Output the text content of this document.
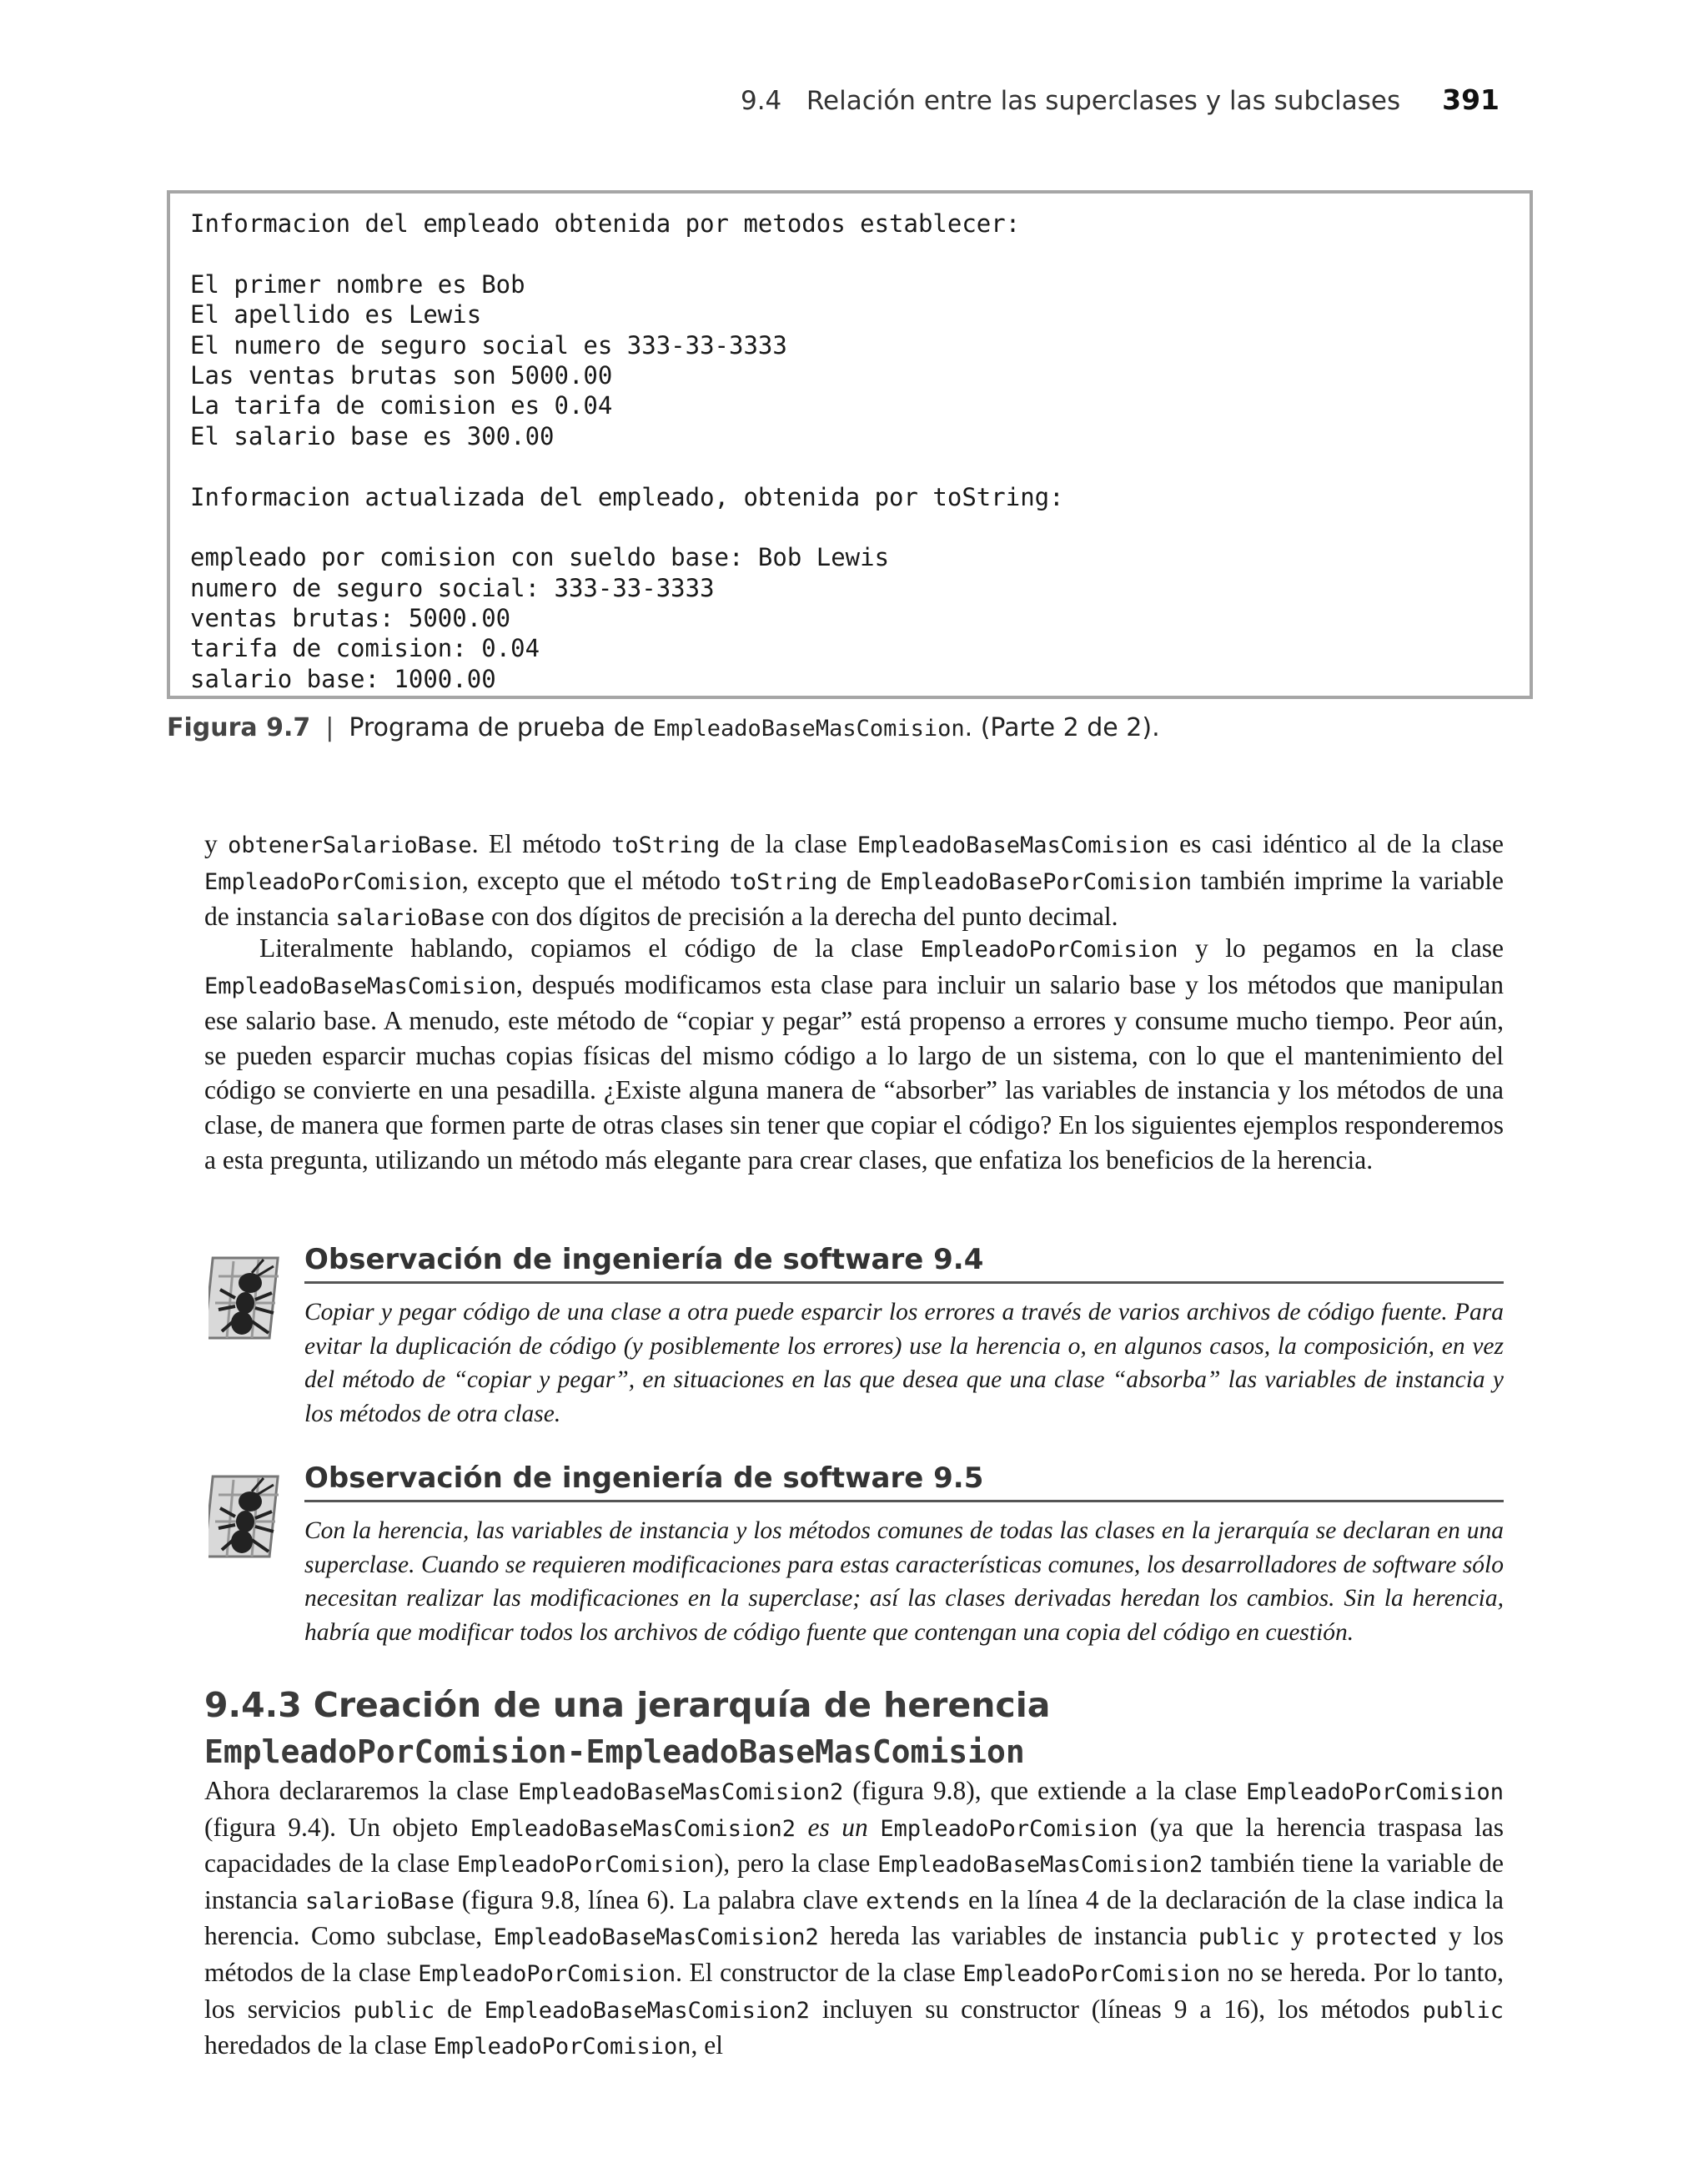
9.4 Relación entre las superclases y las subclases 391
Informacion del empleado obtenida por metodos establecer:
El primer nombre es Bob
El apellido es Lewis
El numero de seguro social es 333-33-3333
Las ventas brutas son 5000.00
La tarifa de comision es 0.04
El salario base es 300.00
Informacion actualizada del empleado, obtenida por toString:
empleado por comision con sueldo base: Bob Lewis
numero de seguro social: 333-33-3333
ventas brutas: 5000.00
tarifa de comision: 0.04
salario base: 1000.00
Figura 9.7 | Programa de prueba de EmpleadoBaseMasComision. (Parte 2 de 2).
y obtenerSalarioBase. El método toString de la clase EmpleadoBaseMasComision es casi idéntico al de la clase EmpleadoPorComision, excepto que el método toString de EmpleadoBasePorComision también imprime la variable de instancia salarioBase con dos dígitos de precisión a la derecha del punto decimal.
Literalmente hablando, copiamos el código de la clase EmpleadoPorComision y lo pegamos en la clase EmpleadoBaseMasComision, después modificamos esta clase para incluir un salario base y los métodos que manipulan ese salario base. A menudo, este método de “copiar y pegar” está propenso a errores y consume mucho tiempo. Peor aún, se pueden esparcir muchas copias físicas del mismo código a lo largo de un sistema, con lo que el mantenimiento del código se convierte en una pesadilla. ¿Existe alguna manera de “absorber” las variables de instancia y los métodos de una clase, de manera que formen parte de otras clases sin tener que copiar el código? En los siguientes ejemplos responderemos a esta pregunta, utilizando un método más elegante para crear clases, que enfatiza los beneficios de la herencia.
Observación de ingeniería de software 9.4
Copiar y pegar código de una clase a otra puede esparcir los errores a través de varios archivos de código fuente. Para evitar la duplicación de código (y posiblemente los errores) use la herencia o, en algunos casos, la composición, en vez del método de “copiar y pegar”, en situaciones en las que desea que una clase “absorba” las variables de instancia y los métodos de otra clase.
Observación de ingeniería de software 9.5
Con la herencia, las variables de instancia y los métodos comunes de todas las clases en la jerarquía se declaran en una superclase. Cuando se requieren modificaciones para estas características comunes, los desarrolladores de software sólo necesitan realizar las modificaciones en la superclase; así las clases derivadas heredan los cambios. Sin la herencia, habría que modificar todos los archivos de código fuente que contengan una copia del código en cuestión.
9.4.3 Creación de una jerarquía de herencia
EmpleadoPorComision-EmpleadoBaseMasComision
Ahora declararemos la clase EmpleadoBaseMasComision2 (figura 9.8), que extiende a la clase EmpleadoPorComision (figura 9.4). Un objeto EmpleadoBaseMasComision2 es un EmpleadoPorComision (ya que la herencia traspasa las capacidades de la clase EmpleadoPorComision), pero la clase EmpleadoBaseMasComision2 también tiene la variable de instancia salarioBase (figura 9.8, línea 6). La palabra clave extends en la línea 4 de la declaración de la clase indica la herencia. Como subclase, EmpleadoBaseMasComision2 hereda las variables de instancia public y protected y los métodos de la clase EmpleadoPorComision. El constructor de la clase EmpleadoPorComision no se hereda. Por lo tanto, los servicios public de EmpleadoBaseMasComision2 incluyen su constructor (líneas 9 a 16), los métodos public heredados de la clase EmpleadoPorComision, el
